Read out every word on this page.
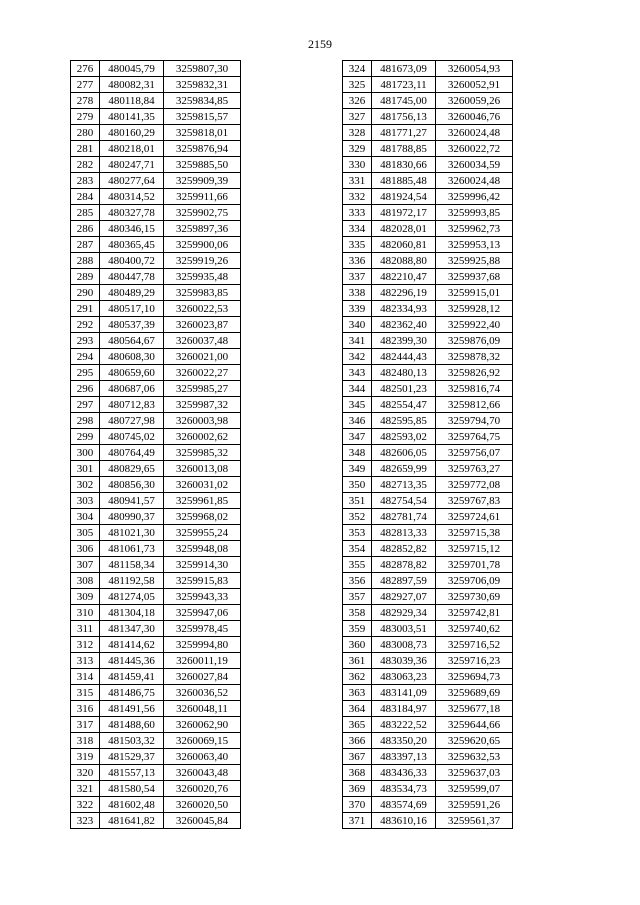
2159
276	480045,79	3259807,30
277	480082,31	3259832,31
278	480118,84	3259834,85
279	480141,35	3259815,57
280	480160,29	3259818,01
281	480218,01	3259876,94
282	480247,71	3259885,50
283	480277,64	3259909,39
284	480314,52	3259911,66
285	480327,78	3259902,75
286	480346,15	3259897,36
287	480365,45	3259900,06
288	480400,72	3259919,26
289	480447,78	3259935,48
290	480489,29	3259983,85
291	480517,10	3260022,53
292	480537,39	3260023,87
293	480564,67	3260037,48
294	480608,30	3260021,00
295	480659,60	3260022,27
296	480687,06	3259985,27
297	480712,83	3259987,32
298	480727,98	3260003,98
299	480745,02	3260002,62
300	480764,49	3259985,32
301	480829,65	3260013,08
302	480856,30	3260031,02
303	480941,57	3259961,85
304	480990,37	3259968,02
305	481021,30	3259955,24
306	481061,73	3259948,08
307	481158,34	3259914,30
308	481192,58	3259915,83
309	481274,05	3259943,33
310	481304,18	3259947,06
311	481347,30	3259978,45
312	481414,62	3259994,80
313	481445,36	3260011,19
314	481459,41	3260027,84
315	481486,75	3260036,52
316	481491,56	3260048,11
317	481488,60	3260062,90
318	481503,32	3260069,15
319	481529,37	3260063,40
320	481557,13	3260043,48
321	481580,54	3260020,76
322	481602,48	3260020,50
323	481641,82	3260045,84
324	481673,09	3260054,93
325	481723,11	3260052,91
326	481745,00	3260059,26
327	481756,13	3260046,76
328	481771,27	3260024,48
329	481788,85	3260022,72
330	481830,66	3260034,59
331	481885,48	3260024,48
332	481924,54	3259996,42
333	481972,17	3259993,85
334	482028,01	3259962,73
335	482060,81	3259953,13
336	482088,80	3259925,88
337	482210,47	3259937,68
338	482296,19	3259915,01
339	482334,93	3259928,12
340	482362,40	3259922,40
341	482399,30	3259876,09
342	482444,43	3259878,32
343	482480,13	3259826,92
344	482501,23	3259816,74
345	482554,47	3259812,66
346	482595,85	3259794,70
347	482593,02	3259764,75
348	482606,05	3259756,07
349	482659,99	3259763,27
350	482713,35	3259772,08
351	482754,54	3259767,83
352	482781,74	3259724,61
353	482813,33	3259715,38
354	482852,82	3259715,12
355	482878,82	3259701,78
356	482897,59	3259706,09
357	482927,07	3259730,69
358	482929,34	3259742,81
359	483003,51	3259740,62
360	483008,73	3259716,52
361	483039,36	3259716,23
362	483063,23	3259694,73
363	483141,09	3259689,69
364	483184,97	3259677,18
365	483222,52	3259644,66
366	483350,20	3259620,65
367	483397,13	3259632,53
368	483436,33	3259637,03
369	483534,73	3259599,07
370	483574,69	3259591,26
371	483610,16	3259561,37
